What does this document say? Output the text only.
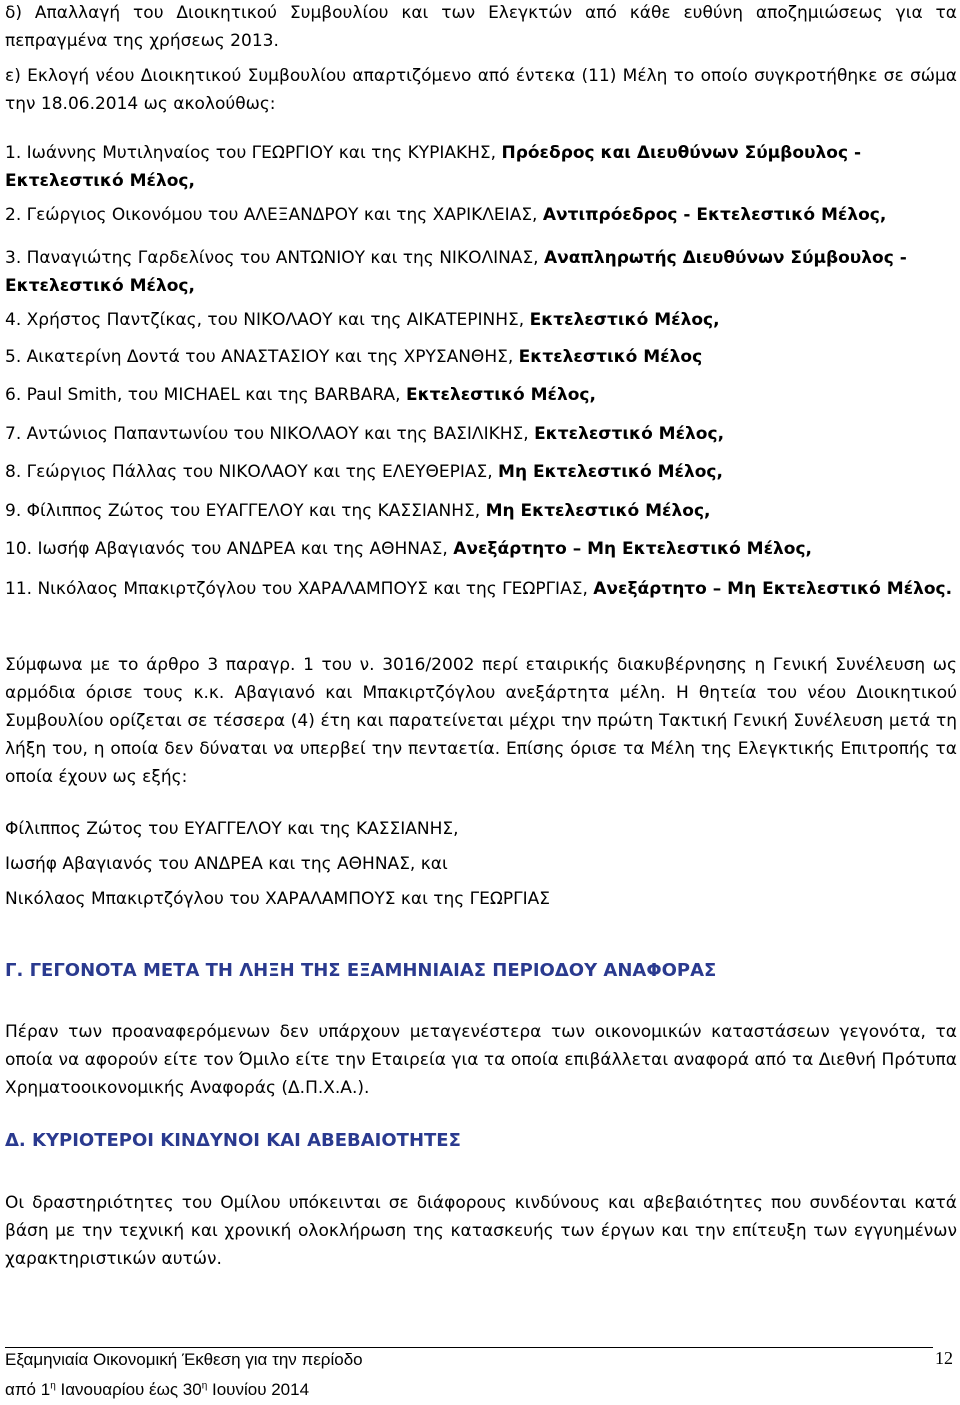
δ) Απαλλαγή του Διοικητικού Συμβουλίου και των Ελεγκτών από κάθε ευθύνη αποζημιώσεως για τα πεπραγμένα της χρήσεως 2013.
ε) Εκλογή νέου Διοικητικού Συμβουλίου απαρτιζόμενο από έντεκα (11) Μέλη το οποίο συγκροτήθηκε σε σώμα την 18.06.2014 ως ακολούθως:
1. Ιωάννης Μυτιληναίος του ΓΕΩΡΓΙΟΥ και της ΚΥΡΙΑΚΗΣ, Πρόεδρος και Διευθύνων Σύμβουλος - Εκτελεστικό Μέλος,
2. Γεώργιος Οικονόμου του ΑΛΕΞΑΝΔΡΟΥ και της ΧΑΡΙΚΛΕΙΑΣ, Αντιπρόεδρος - Εκτελεστικό Μέλος,
3. Παναγιώτης Γαρδελίνος του ΑΝΤΩΝΙΟΥ και της ΝΙΚΟΛΙΝΑΣ, Αναπληρωτής Διευθύνων Σύμβουλος - Εκτελεστικό Μέλος,
4. Χρήστος Παντζίκας, του ΝΙΚΟΛΑΟΥ και της ΑΙΚΑΤΕΡΙΝΗΣ, Εκτελεστικό Μέλος,
5. Αικατερίνη Δοντά του ΑΝΑΣΤΑΣΙΟΥ και της ΧΡΥΣΑΝΘΗΣ, Εκτελεστικό Μέλος
6. Paul Smith, του MICHAEL και της BARBARA, Εκτελεστικό Μέλος,
7. Αντώνιος Παπαντωνίου του ΝΙΚΟΛΑΟΥ και της ΒΑΣΙΛΙΚΗΣ, Εκτελεστικό Μέλος,
8. Γεώργιος Πάλλας του ΝΙΚΟΛΑΟΥ και της ΕΛΕΥΘΕΡΙΑΣ, Μη Εκτελεστικό Μέλος,
9. Φίλιππος Ζώτος του ΕΥΑΓΓΕΛΟΥ και της ΚΑΣΣΙΑΝΗΣ, Μη Εκτελεστικό Μέλος,
10. Ιωσήφ Αβαγιανός του ΑΝΔΡΕΑ και της ΑΘΗΝΑΣ, Ανεξάρτητο – Μη Εκτελεστικό Μέλος,
11. Νικόλαος Μπακιρτζόγλου του ΧΑΡΑΛΑΜΠΟΥΣ και της ΓΕΩΡΓΙΑΣ, Ανεξάρτητο – Μη Εκτελεστικό Μέλος.
Σύμφωνα με το άρθρο 3 παραγρ. 1 του ν. 3016/2002 περί εταιρικής διακυβέρνησης η Γενική Συνέλευση ως αρμόδια όρισε τους κ.κ. Αβαγιανό και Μπακιρτζόγλου ανεξάρτητα μέλη. Η θητεία του νέου Διοικητικού Συμβουλίου ορίζεται σε τέσσερα (4) έτη και παρατείνεται μέχρι την πρώτη Τακτική Γενική Συνέλευση μετά τη λήξη του, η οποία δεν δύναται να υπερβεί την πενταετία. Επίσης όρισε τα Μέλη της Ελεγκτικής Επιτροπής τα οποία έχουν ως εξής:
Φίλιππος Ζώτος του ΕΥΑΓΓΕΛΟΥ και της ΚΑΣΣΙΑΝΗΣ,
Ιωσήφ Αβαγιανός του ΑΝΔΡΕΑ και της ΑΘΗΝΑΣ, και
Νικόλαος Μπακιρτζόγλου του ΧΑΡΑΛΑΜΠΟΥΣ και της ΓΕΩΡΓΙΑΣ
Γ. ΓΕΓΟΝΟΤΑ ΜΕΤΑ ΤΗ ΛΗΞΗ ΤΗΣ ΕΞΑΜΗΝΙΑΙΑΣ ΠΕΡΙΟΔΟΥ ΑΝΑΦΟΡΑΣ
Πέραν των προαναφερόμενων δεν υπάρχουν μεταγενέστερα των οικονομικών καταστάσεων γεγονότα, τα οποία να αφορούν είτε τον Όμιλο είτε την Εταιρεία για τα οποία επιβάλλεται αναφορά από τα Διεθνή Πρότυπα Χρηματοοικονομικής Αναφοράς (Δ.Π.Χ.Α.).
Δ. ΚΥΡΙΟΤΕΡΟΙ ΚΙΝΔΥΝΟΙ ΚΑΙ ΑΒΕΒΑΙΟΤΗΤΕΣ
Οι δραστηριότητες του Ομίλου υπόκεινται σε διάφορους κινδύνους και αβεβαιότητες που συνδέονται κατά βάση με την τεχνική και χρονική ολοκλήρωση της κατασκευής των έργων και την επίτευξη των εγγυημένων χαρακτηριστικών αυτών.
Εξαμηνιαία Οικονομική Έκθεση για την περίοδο
από $1^\eta$ Ιανουαρίου έως $30^\eta$ Ιουνίου 2014
12
